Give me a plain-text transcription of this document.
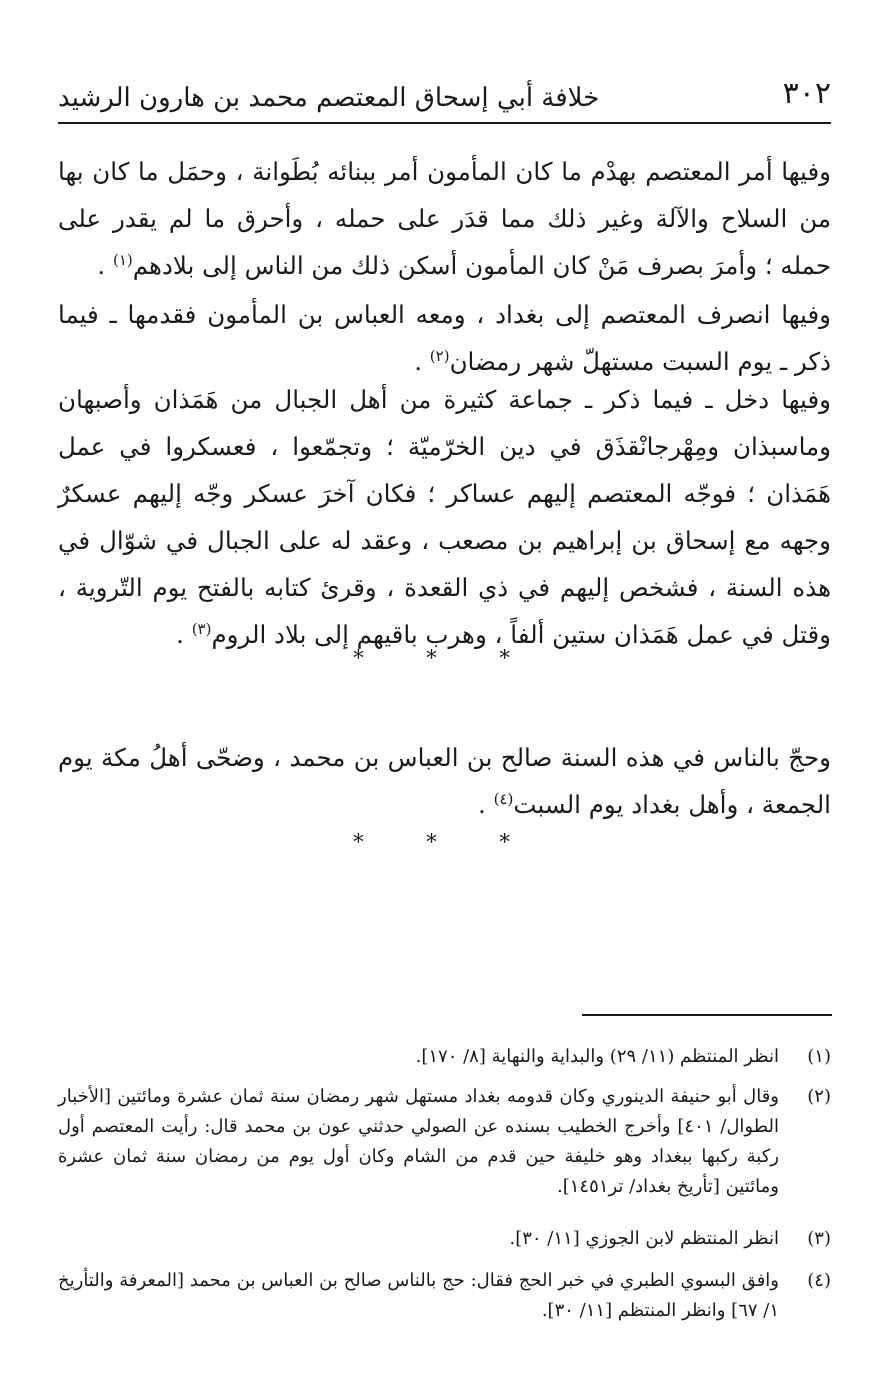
٣٠٢
خلافة أبي إسحاق المعتصم محمد بن هارون الرشيد

وفيها أمر المعتصم بهدْم ما كان المأمون أمر ببنائه بُطَوانة ، وحمَل ما كان بها من السلاح والآلة وغير ذلك مما قدَر على حمله ، وأحرق ما لم يقدر على حمله ؛ وأمرَ بصرف مَنْ كان المأمون أسكن ذلك من الناس إلى بلادهم$^{(١)}$ .

وفيها انصرف المعتصم إلى بغداد ، ومعه العباس بن المأمون فقدمها ـ فيما ذكر ـ يوم السبت مستهلّ شهر رمضان$^{(٢)}$ .

وفيها دخل ـ فيما ذكر ـ جماعة كثيرة من أهل الجبال من هَمَذان وأصبهان وماسبذان ومِهْرجانْقذَق في دين الخرّميّة ؛ وتجمّعوا ، فعسكروا في عمل هَمَذان ؛ فوجّه المعتصم إليهم عساكر ؛ فكان آخرَ عسكر وجّه إليهم عسكرٌ وجهه مع إسحاق بن إبراهيم بن مصعب ، وعقد له على الجبال في شوّال في هذه السنة ، فشخص إليهم في ذي القعدة ، وقرئ كتابه بالفتح يوم التّروية ، وقتل في عمل هَمَذان ستين ألفاً ، وهرب باقيهم إلى بلاد الروم$^{(٣)}$ .

* * *

وحجّ بالناس في هذه السنة صالح بن العباس بن محمد ، وضحّى أهلُ مكة يوم الجمعة ، وأهل بغداد يوم السبت$^{(٤)}$ .

* * *
(١)
انظر المنتظم (١١/ ٢٩) والبداية والنهاية [٨/ ١٧٠].
(٢)
وقال أبو حنيفة الدينوري وكان قدومه بغداد مستهل شهر رمضان سنة ثمان عشرة ومائتين [الأخبار الطوال/ ٤٠١] وأخرج الخطيب بسنده عن الصولي حدثني عون بن محمد قال: رأيت المعتصم أول ركبة ركبها ببغداد وهو خليفة حين قدم من الشام وكان أول يوم من رمضان سنة ثمان عشرة ومائتين [تأريخ بغداد/ تر١٤٥١].
(٣)
انظر المنتظم لابن الجوزي [١١/ ٣٠].
(٤)
وافق البسوي الطبري في خبر الحج فقال: حج بالناس صالح بن العباس بن محمد [المعرفة والتأريخ ١/ ٦٧] وانظر المنتظم [١١/ ٣٠].
